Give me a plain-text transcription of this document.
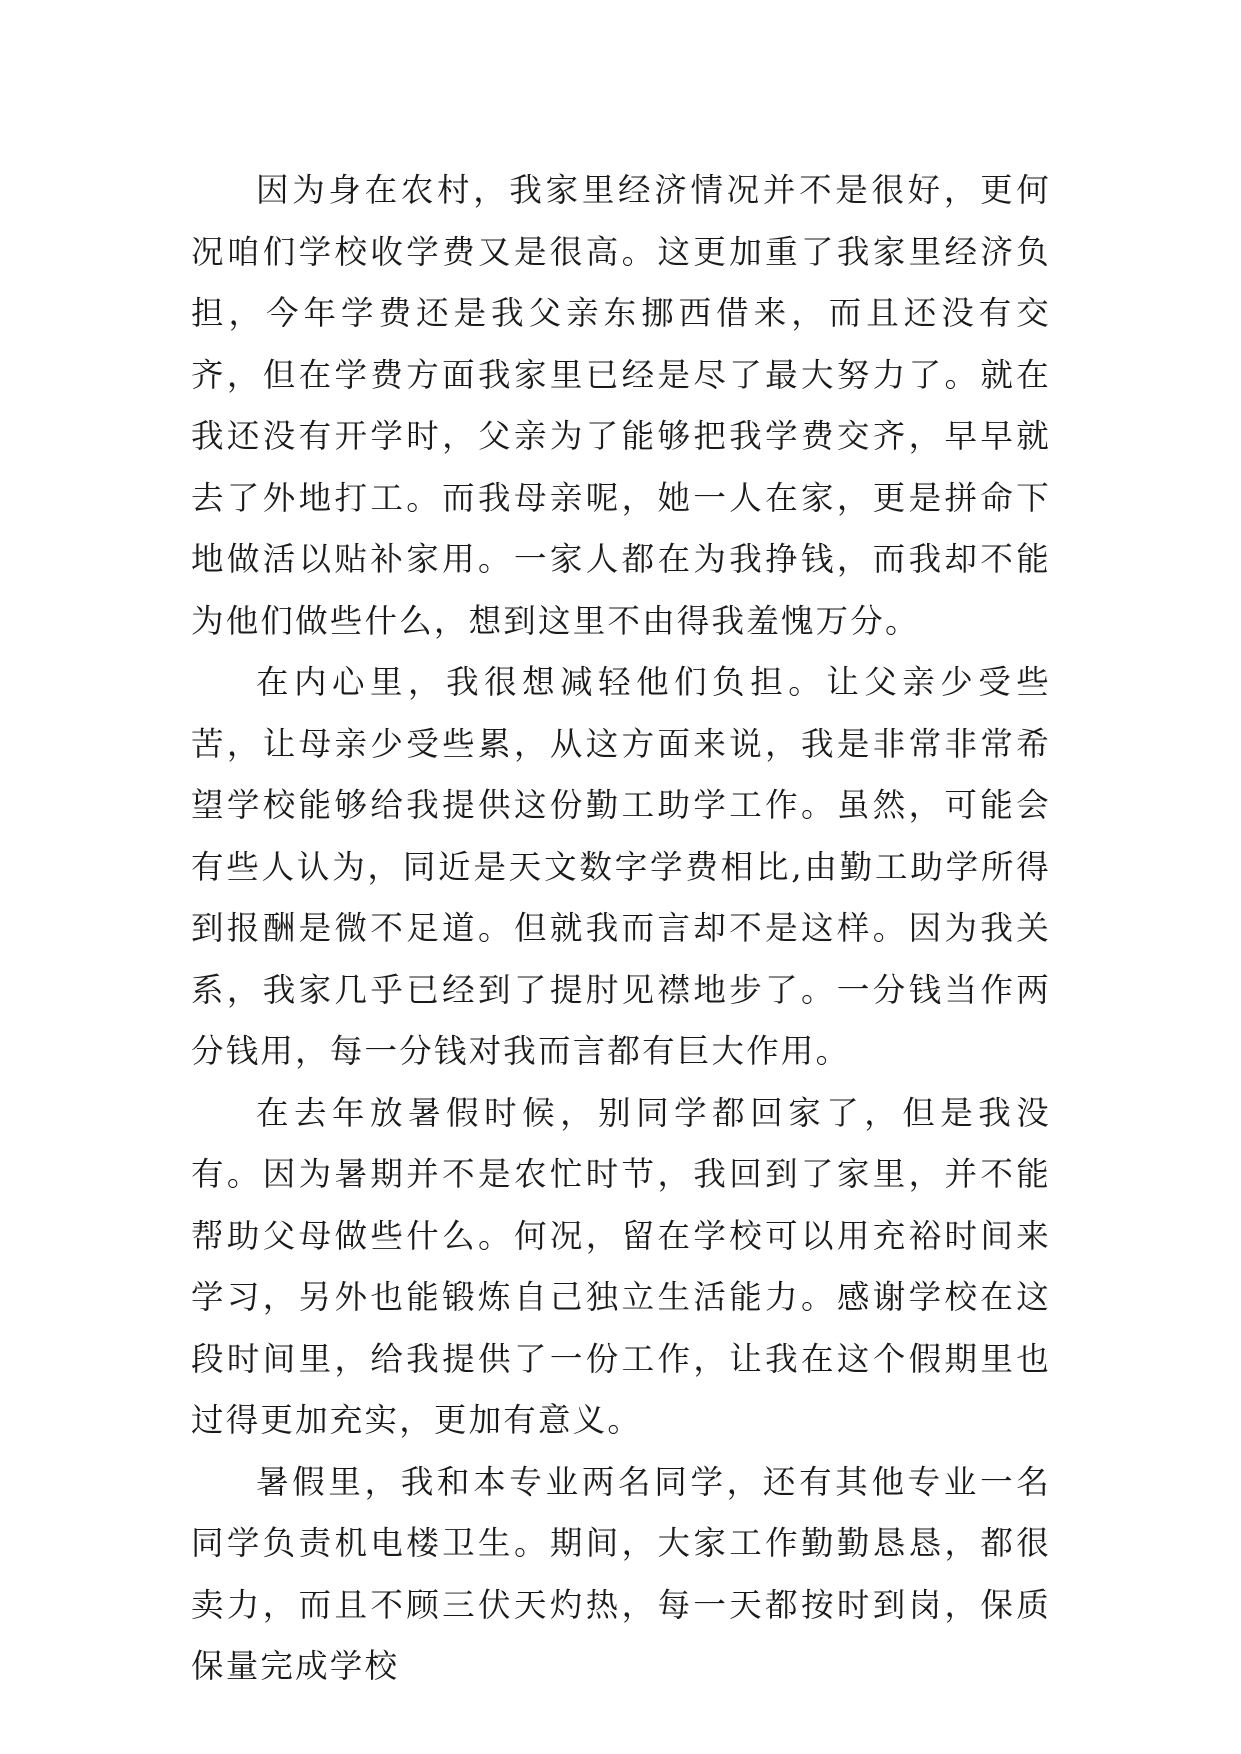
因为身在农村，我家里经济情况并不是很好，更何况咱们学校收学费又是很高。这更加重了我家里经济负担，今年学费还是我父亲东挪西借来，而且还没有交齐，但在学费方面我家里已经是尽了最大努力了。就在我还没有开学时，父亲为了能够把我学费交齐，早早就去了外地打工。而我母亲呢，她一人在家，更是拼命下地做活以贴补家用。一家人都在为我挣钱，而我却不能为他们做些什么，想到这里不由得我羞愧万分。

在内心里，我很想减轻他们负担。让父亲少受些苦，让母亲少受些累，从这方面来说，我是非常非常希望学校能够给我提供这份勤工助学工作。虽然，可能会有些人认为，同近是天文数字学费相比,由勤工助学所得到报酬是微不足道。但就我而言却不是这样。因为我关系，我家几乎已经到了提肘见襟地步了。一分钱当作两分钱用，每一分钱对我而言都有巨大作用。

在去年放暑假时候，别同学都回家了，但是我没有。因为暑期并不是农忙时节，我回到了家里，并不能帮助父母做些什么。何况，留在学校可以用充裕时间来学习，另外也能锻炼自己独立生活能力。感谢学校在这段时间里，给我提供了一份工作，让我在这个假期里也过得更加充实，更加有意义。

暑假里，我和本专业两名同学，还有其他专业一名同学负责机电楼卫生。期间，大家工作勤勤恳恳，都很卖力，而且不顾三伏天灼热，每一天都按时到岗，保质保量完成学校
